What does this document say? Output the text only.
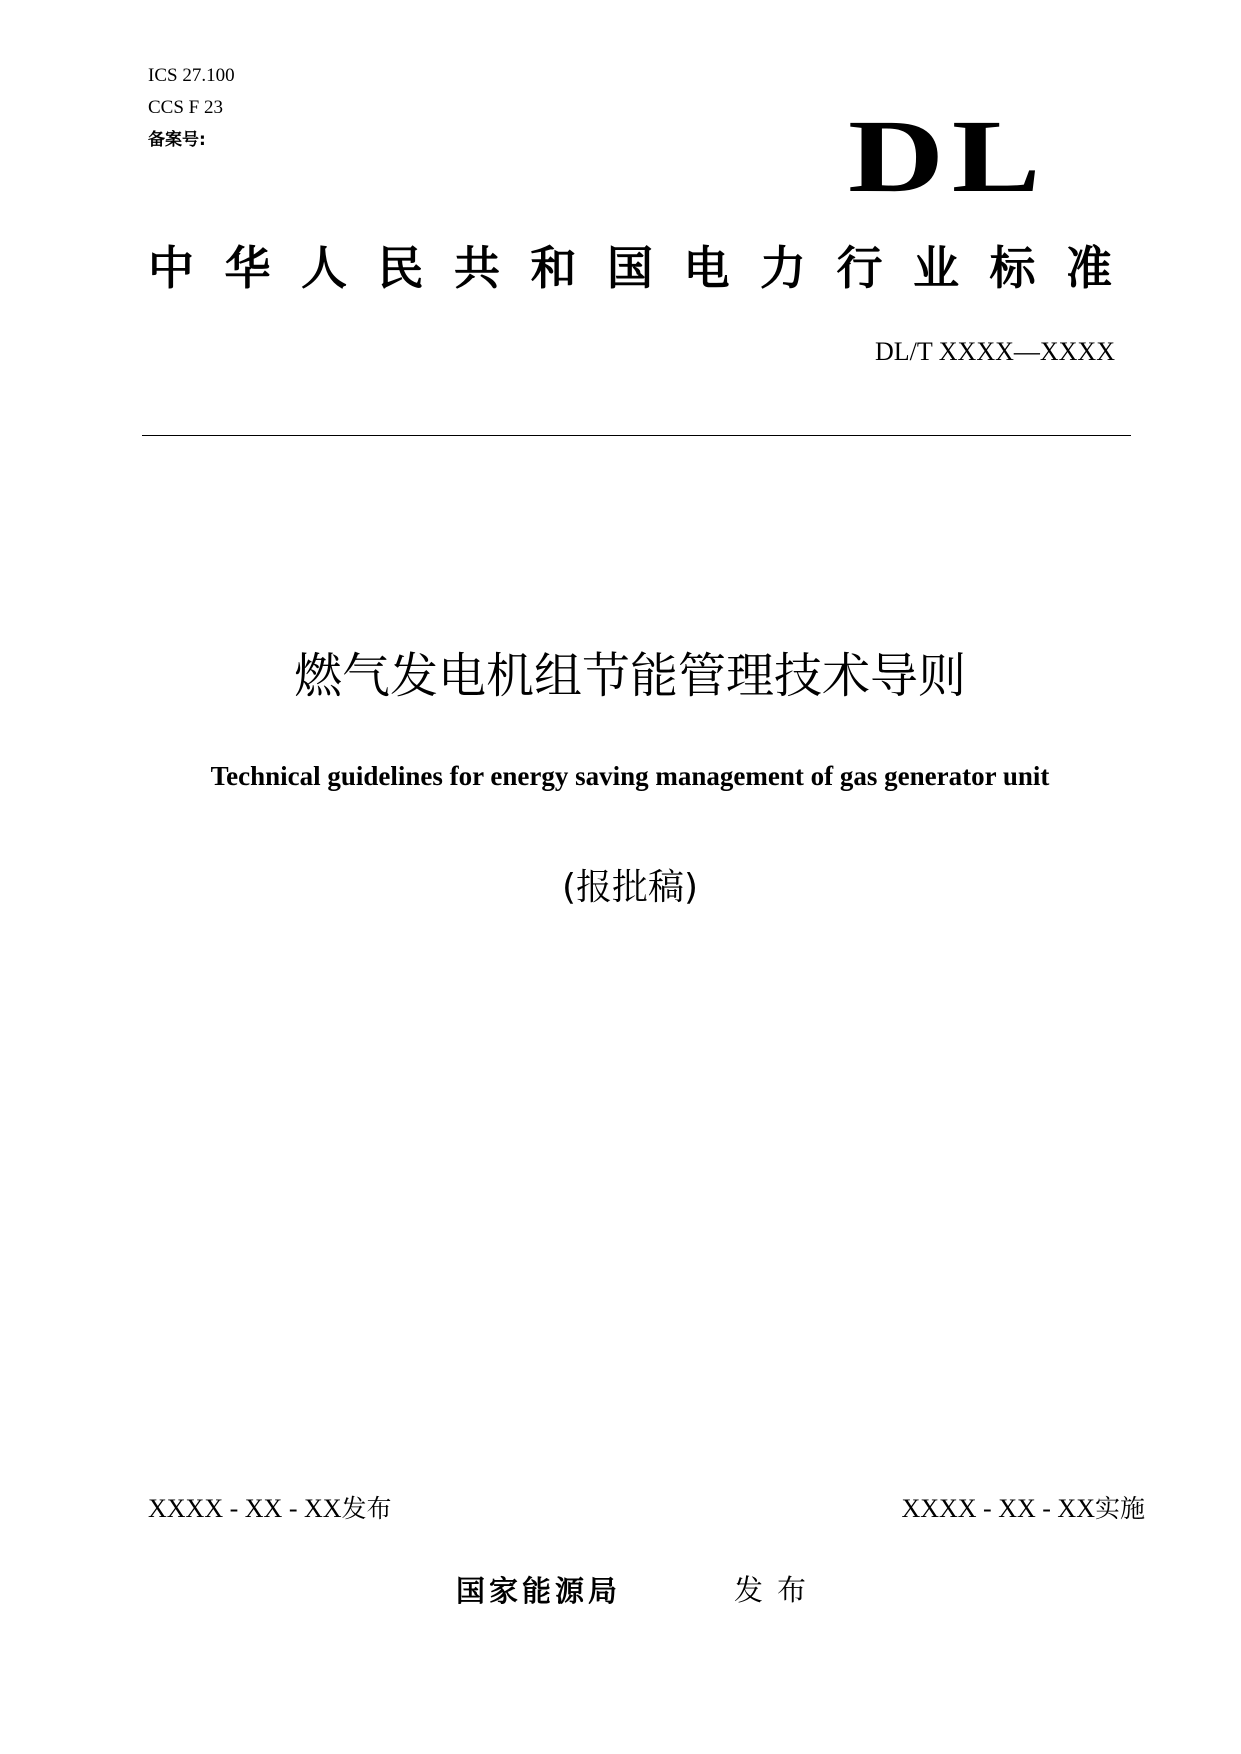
ICS 27.100
CCS F 23
备案号:	DL
中华人民共和国电力行业标准
DL/T XXXX—XXXX
燃气发电机组节能管理技术导则
Technical guidelines for energy saving management of gas generator unit
(报批稿)
XXXX - XX - XX发布	XXXX - XX - XX实施
国家能源局	发布
